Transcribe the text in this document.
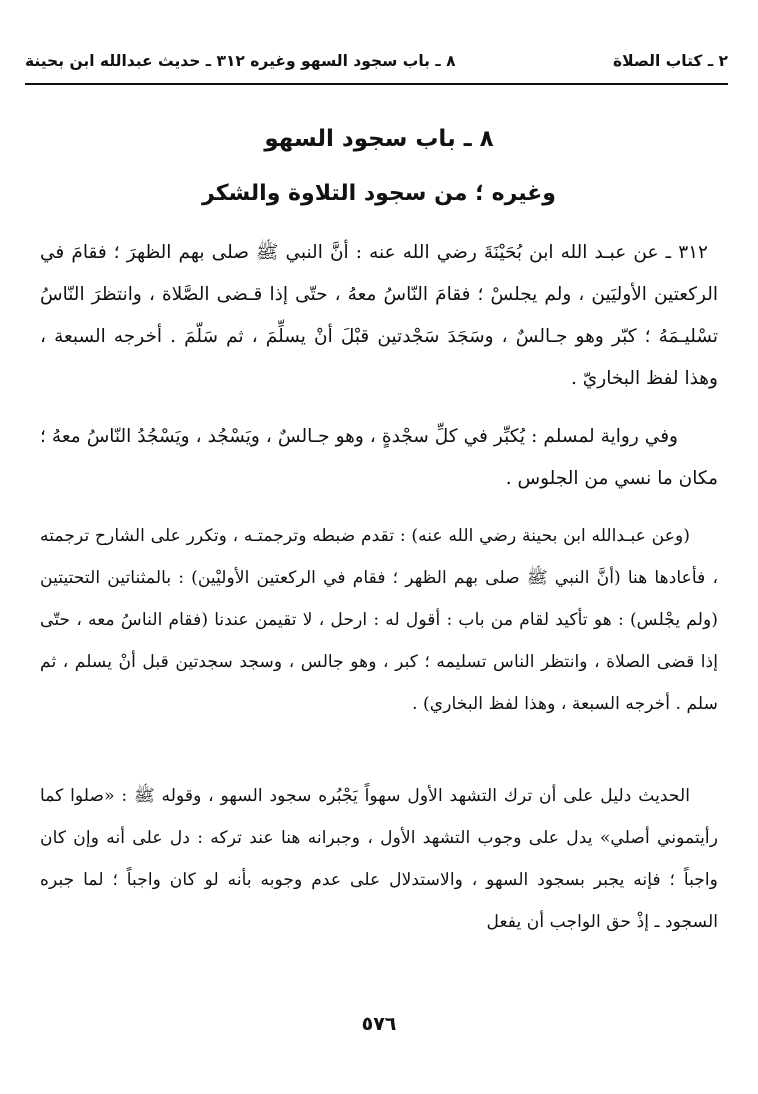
٢ ـ كتاب الصلاة
٨ ـ باب سجود السهو وغيره ٣١٢ ـ حديث عبدالله ابن بحينة
٨ ـ باب سجود السهو
وغيره ؛ من سجود التلاوة والشكر

٣١٢ ـ عن عبـد الله ابن بُحَيْنَةَ رضي الله عنه : أنَّ النبي ﷺ صلى بهم الظهرَ ؛ فقامَ في الركعتين الأوليَين ، ولم يجلسْ ؛ فقامَ النّاسُ معهُ ، حتّى إذا قـضى الصَّلاة ، وانتظرَ النّاسُ تسْليـمَهُ ؛ كبّر وهو جـالسٌ ، وسَجَدَ سَجْدتين قبْلَ أنْ يسلِّمَ ، ثم سَلّمَ . أخرجه السبعة ، وهذا لفظ البخاريّ .

وفي رواية لمسلم : يُكبِّر في كلِّ سجْدةٍ ، وهو جـالسٌ ، ويَسْجُد ، ويَسْجُدُ النّاسُ معهُ ؛ مكان ما نسي من الجلوس .

(وعن عبـدالله ابن بحينة رضي الله عنه) : تقدم ضبطه وترجمتـه ، وتكرر على الشارح ترجمته ، فأعادها هنا (أنَّ النبي ﷺ صلى بهم الظهر ؛ فقام في الركعتين الأوليْين) : بالمثناتين التحتيتين (ولم يجْلس) : هو تأكيد لقام من باب : أقول له : ارحل ، لا تقيمن عندنا (فقام الناسُ معه ، حتّى إذا قضى الصلاة ، وانتظر الناس تسليمه ؛ كبر ، وهو جالس ، وسجد سجدتين قبل أنْ يسلم ، ثم سلم . أخرجه السبعة ، وهذا لفظ البخاري) .

الحديث دليل على أن ترك التشهد الأول سهواً يَجْبُره سجود السهو ، وقوله ﷺ : «صلوا كما رأيتموني أصلي» يدل على وجوب التشهد الأول ، وجبرانه هنا عند تركه : دل على أنه وإن كان واجباً ؛ فإنه يجبر بسجود السهو ، والاستدلال على عدم وجوبه بأنه لو كان واجباً ؛ لما جبره السجود ـ إذْ حق الواجب أن يفعل

٥٧٦
